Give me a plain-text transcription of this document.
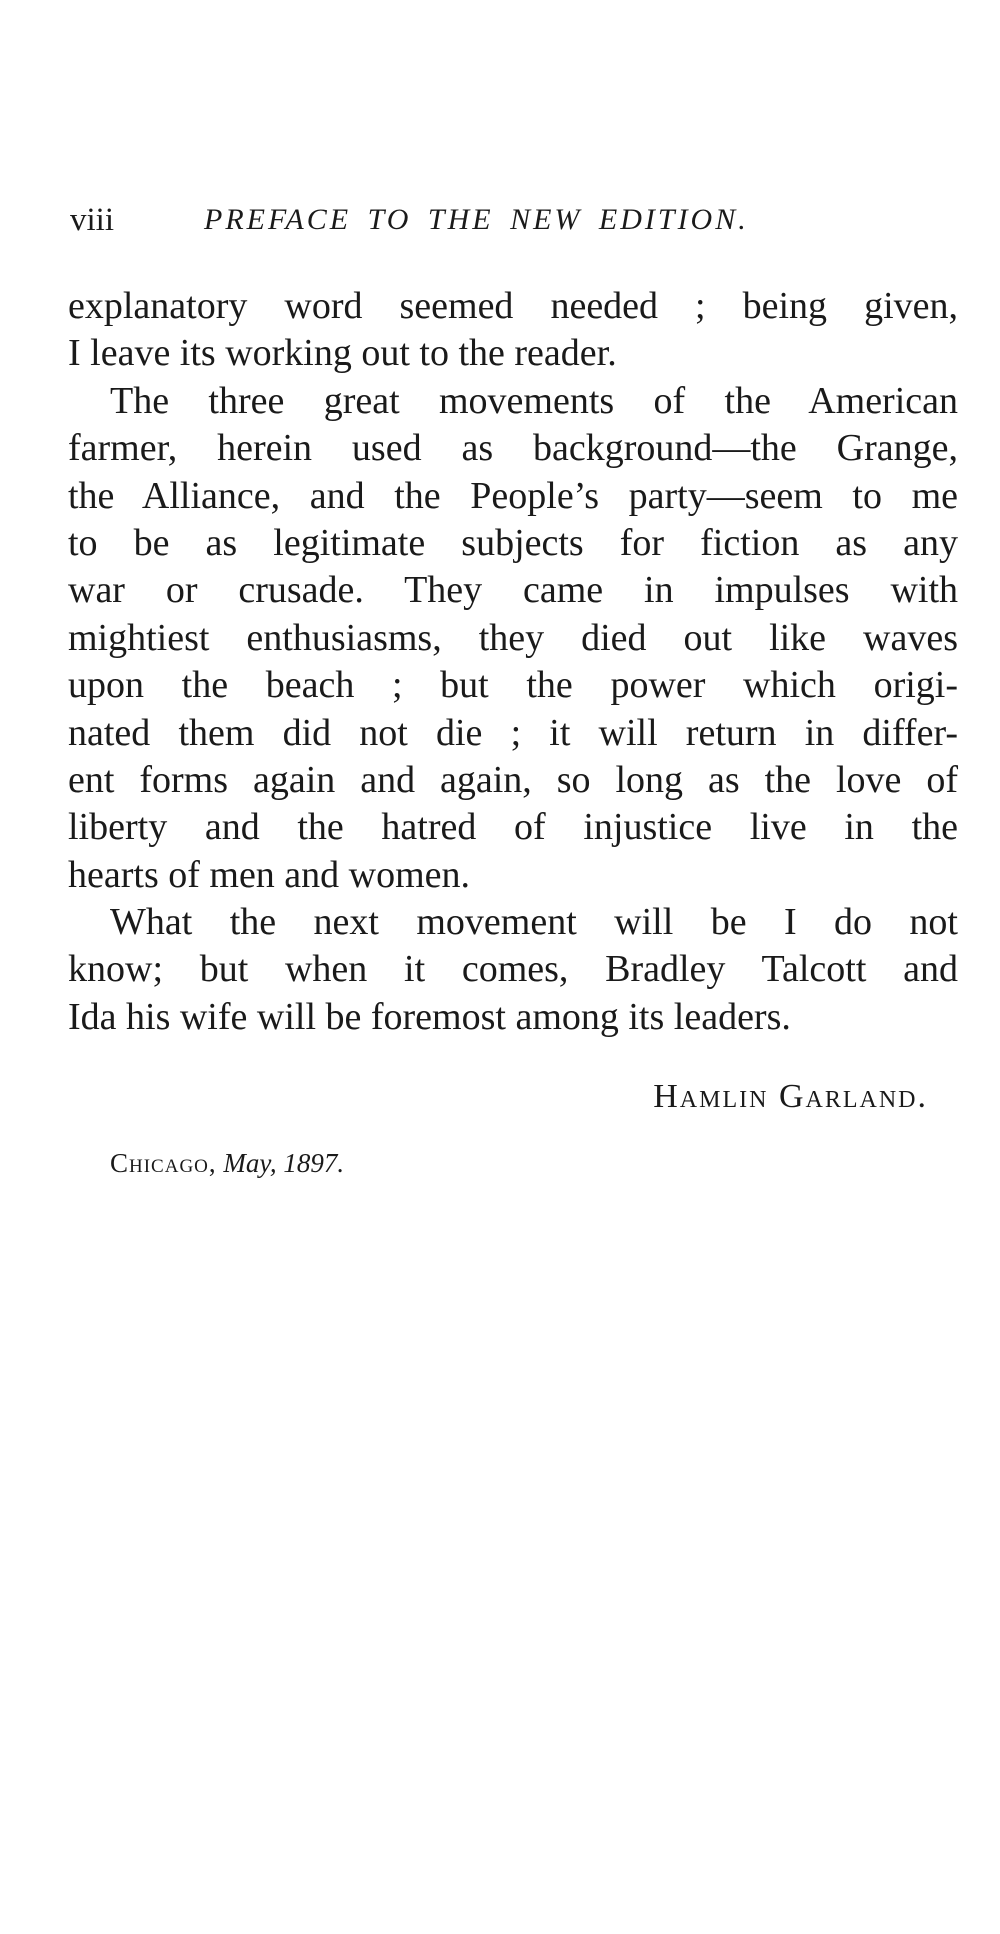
viii	PREFACE TO THE NEW EDITION.
explanatory word seemed needed ; being given,
I leave its working out to the reader.
The three great movements of the American
farmer, herein used as background—the Grange,
the Alliance, and the People’s party—seem to me
to be as legitimate subjects for fiction as any
war or crusade. They came in impulses with
mightiest enthusiasms, they died out like waves
upon the beach ; but the power which origi-
nated them did not die ; it will return in differ-
ent forms again and again, so long as the love of
liberty and the hatred of injustice live in the
hearts of men and women.
What the next movement will be I do not
know; but when it comes, Bradley Talcott and
Ida his wife will be foremost among its leaders.
Hamlin Garland.
Chicago, May, 1897.
